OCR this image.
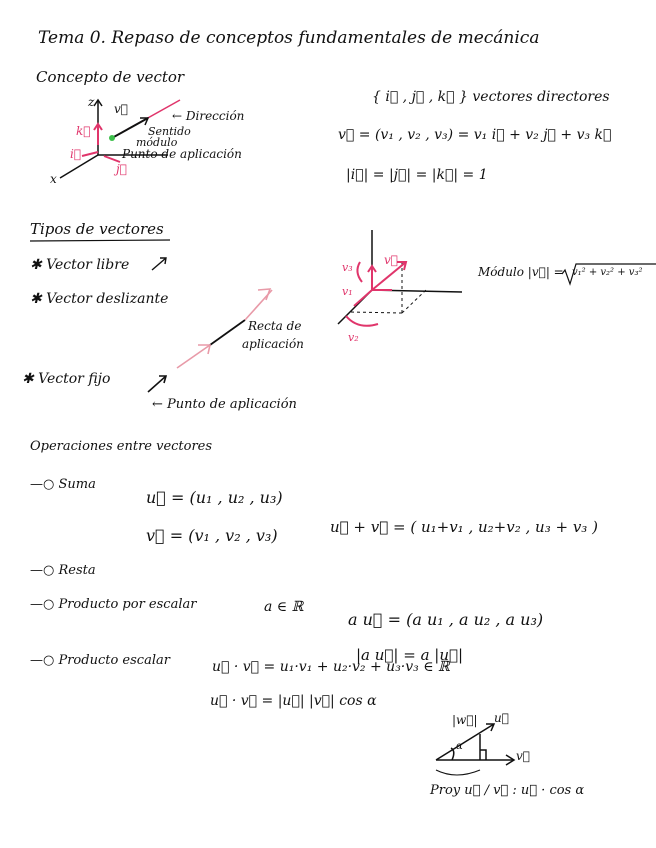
Tema 0. Repaso de conceptos fundamentales de mecánica
Concepto de vector
z
x
v⃗
k⃗
i⃗
j⃗
← Dirección
Sentido
módulo
Punto de aplicación
{ i⃗ , j⃗ , k⃗ } vectores directores
v⃗ = (v₁ , v₂ , v₃) = v₁ i⃗ + v₂ j⃗ + v₃ k⃗
|i⃗| = |j⃗| = |k⃗| = 1
Tipos de vectores
✱ Vector libre
✱ Vector deslizante
Recta de
aplicación
✱ Vector fijo
← Punto de aplicación
v⃗
v₃
v₁
v₂
Módulo |v⃗| = v₁² + v₂² + v₃²
Operaciones entre vectores
—○ Suma
u⃗ = (u₁ , u₂ , u₃)
v⃗ = (v₁ , v₂ , v₃)	u⃗ + v⃗ = ( u₁+v₁ , u₂+v₂ , u₃ + v₃ )
—○ Resta
—○ Producto por escalar	a ∈ ℝ
a u⃗ = (a u₁ , a u₂ , a u₃)
|a u⃗| = a |u⃗|
—○ Producto escalar	u⃗ · v⃗ = u₁·v₁ + u₂·v₂ + u₃·v₃ ∈ ℝ
u⃗ · v⃗ = |u⃗| |v⃗| cos α
|w⃗| u⃗
v⃗
α
Proy u⃗ / v⃗ : u⃗ · cos α
